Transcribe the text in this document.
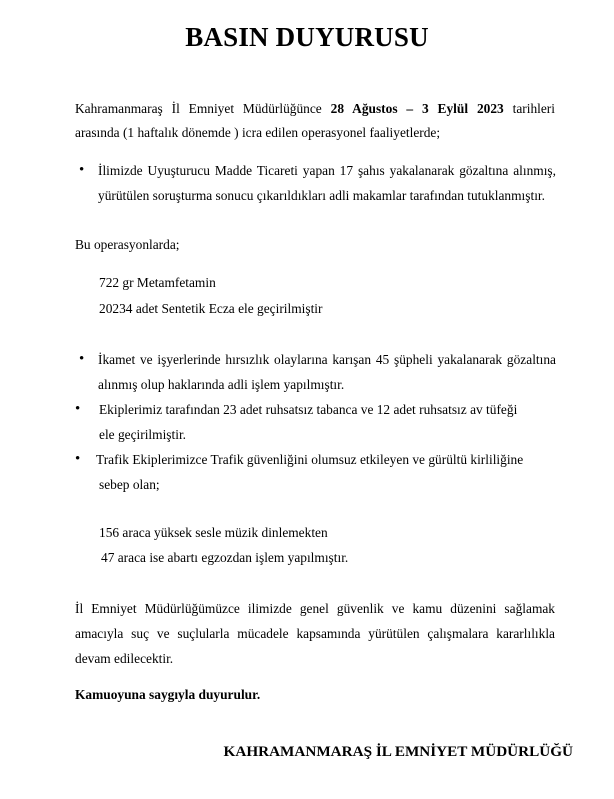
BASIN DUYURUSU
Kahramanmaraş İl Emniyet Müdürlüğünce 28 Ağustos – 3 Eylül 2023 tarihleri
arasında (1 haftalık dönemde ) icra edilen operasyonel faaliyetlerde;
• İlimizde Uyuşturucu Madde Ticareti yapan 17 şahıs yakalanarak gözaltına alınmış, yürütülen soruşturma sonucu çıkarıldıkları adli makamlar tarafından tutuklanmıştır.
Bu operasyonlarda;
722 gr Metamfetamin
20234 adet Sentetik Ecza ele geçirilmiştir
• İkamet ve işyerlerinde hırsızlık olaylarına karışan 45 şüpheli yakalanarak gözaltına alınmış olup haklarında adli işlem yapılmıştır.
• Ekiplerimiz tarafından 23 adet ruhsatsız tabanca ve 12 adet ruhsatsız av tüfeği
ele geçirilmiştir.
• Trafik Ekiplerimizce Trafik güvenliğini olumsuz etkileyen ve gürültü kirliliğine
sebep olan;
156 araca yüksek sesle müzik dinlemekten
47 araca ise abartı egzozdan işlem yapılmıştır.
İl Emniyet Müdürlüğümüzce ilimizde genel güvenlik ve kamu düzenini sağlamak amacıyla suç ve suçlularla mücadele kapsamında yürütülen çalışmalara kararlılıkla devam edilecektir.
Kamuoyuna saygıyla duyurulur.
KAHRAMANMARAŞ İL EMNİYET MÜDÜRLÜĞÜ
